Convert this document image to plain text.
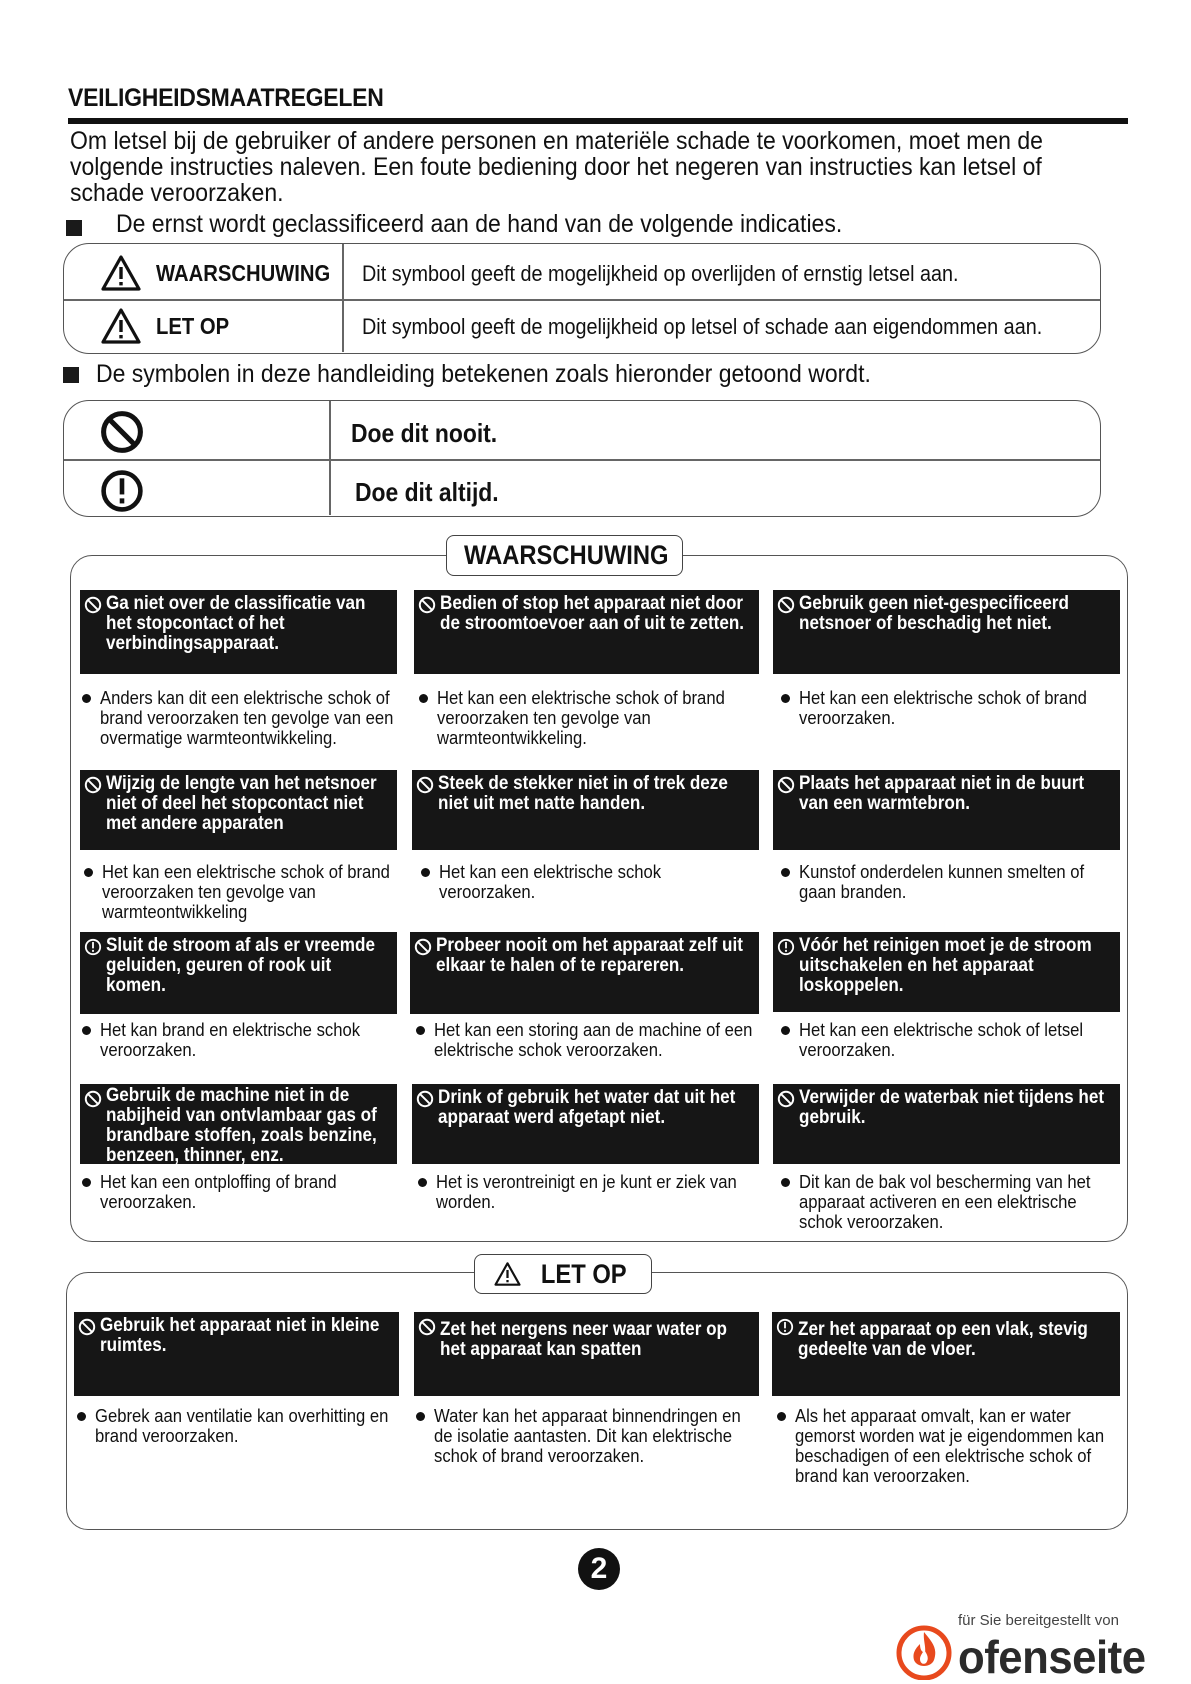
VEILIGHEIDSMAATREGELEN
Om letsel bij de gebruiker of andere personen en materiële schade te voorkomen, moet men de volgende instructies naleven. Een foute bediening door het negeren van instructies kan letsel of schade veroorzaken.
De ernst wordt geclassificeerd aan de hand van de volgende indicaties.
WAARSCHUWING Dit symbool geeft de mogelijkheid op overlijden of ernstig letsel aan.
LET OP	Dit symbool geeft de mogelijkheid op letsel of schade aan eigendommen aan.
De symbolen in deze handleiding betekenen zoals hieronder getoond wordt.
Doe dit nooit.
Doe dit altijd.
WAARSCHUWING
Ga niet over de classificatie van het stopcontact of het verbindingsapparaat.
Anders kan dit een elektrische schok of brand veroorzaken ten gevolge van een overmatige warmteontwikkeling.
Bedien of stop het apparaat niet door de stroomtoevoer aan of uit te zetten.
Het kan een elektrische schok of brand veroorzaken ten gevolge van warmteontwikkeling.
Gebruik geen niet-gespecificeerd netsnoer of beschadig het niet.
Het kan een elektrische schok of brand veroorzaken.
Wijzig de lengte van het netsnoer niet of deel het stopcontact niet met andere apparaten
Het kan een elektrische schok of brand veroorzaken ten gevolge van warmteontwikkeling
Steek de stekker niet in of trek deze niet uit met natte handen.
Het kan een elektrische schok veroorzaken.
Plaats het apparaat niet in de buurt van een warmtebron.
Kunstof onderdelen kunnen smelten of gaan branden.
Sluit de stroom af als er vreemde geluiden, geuren of rook uit komen.
Het kan brand en elektrische schok veroorzaken.
Probeer nooit om het apparaat zelf uit elkaar te halen of te repareren.
Het kan een storing aan de machine of een elektrische schok veroorzaken.
Vóór het reinigen moet je de stroom uitschakelen en het apparaat loskoppelen.
Het kan een elektrische schok of letsel veroorzaken.
Gebruik de machine niet in de nabijheid van ontvlambaar gas of brandbare stoffen, zoals benzine, benzeen, thinner, enz.
Het kan een ontploffing of brand veroorzaken.
Drink of gebruik het water dat uit het apparaat werd afgetapt niet.
Het is verontreinigt en je kunt er ziek van worden.
Verwijder de waterbak niet tijdens het gebruik.
Dit kan de bak vol bescherming van het apparaat activeren en een elektrische schok veroorzaken.
LET OP
Gebruik het apparaat niet in kleine ruimtes.
Gebrek aan ventilatie kan overhitting en brand veroorzaken.
Zet het nergens neer waar water op het apparaat kan spatten
Water kan het apparaat binnendringen en de isolatie aantasten. Dit kan elektrische schok of brand veroorzaken.
Zer het apparaat op een vlak, stevig gedeelte van de vloer.
Als het apparaat omvalt, kan er water gemorst worden wat je eigendommen kan beschadigen of een elektrische schok of brand kan veroorzaken.
2
für Sie bereitgestellt von
ofenseite
